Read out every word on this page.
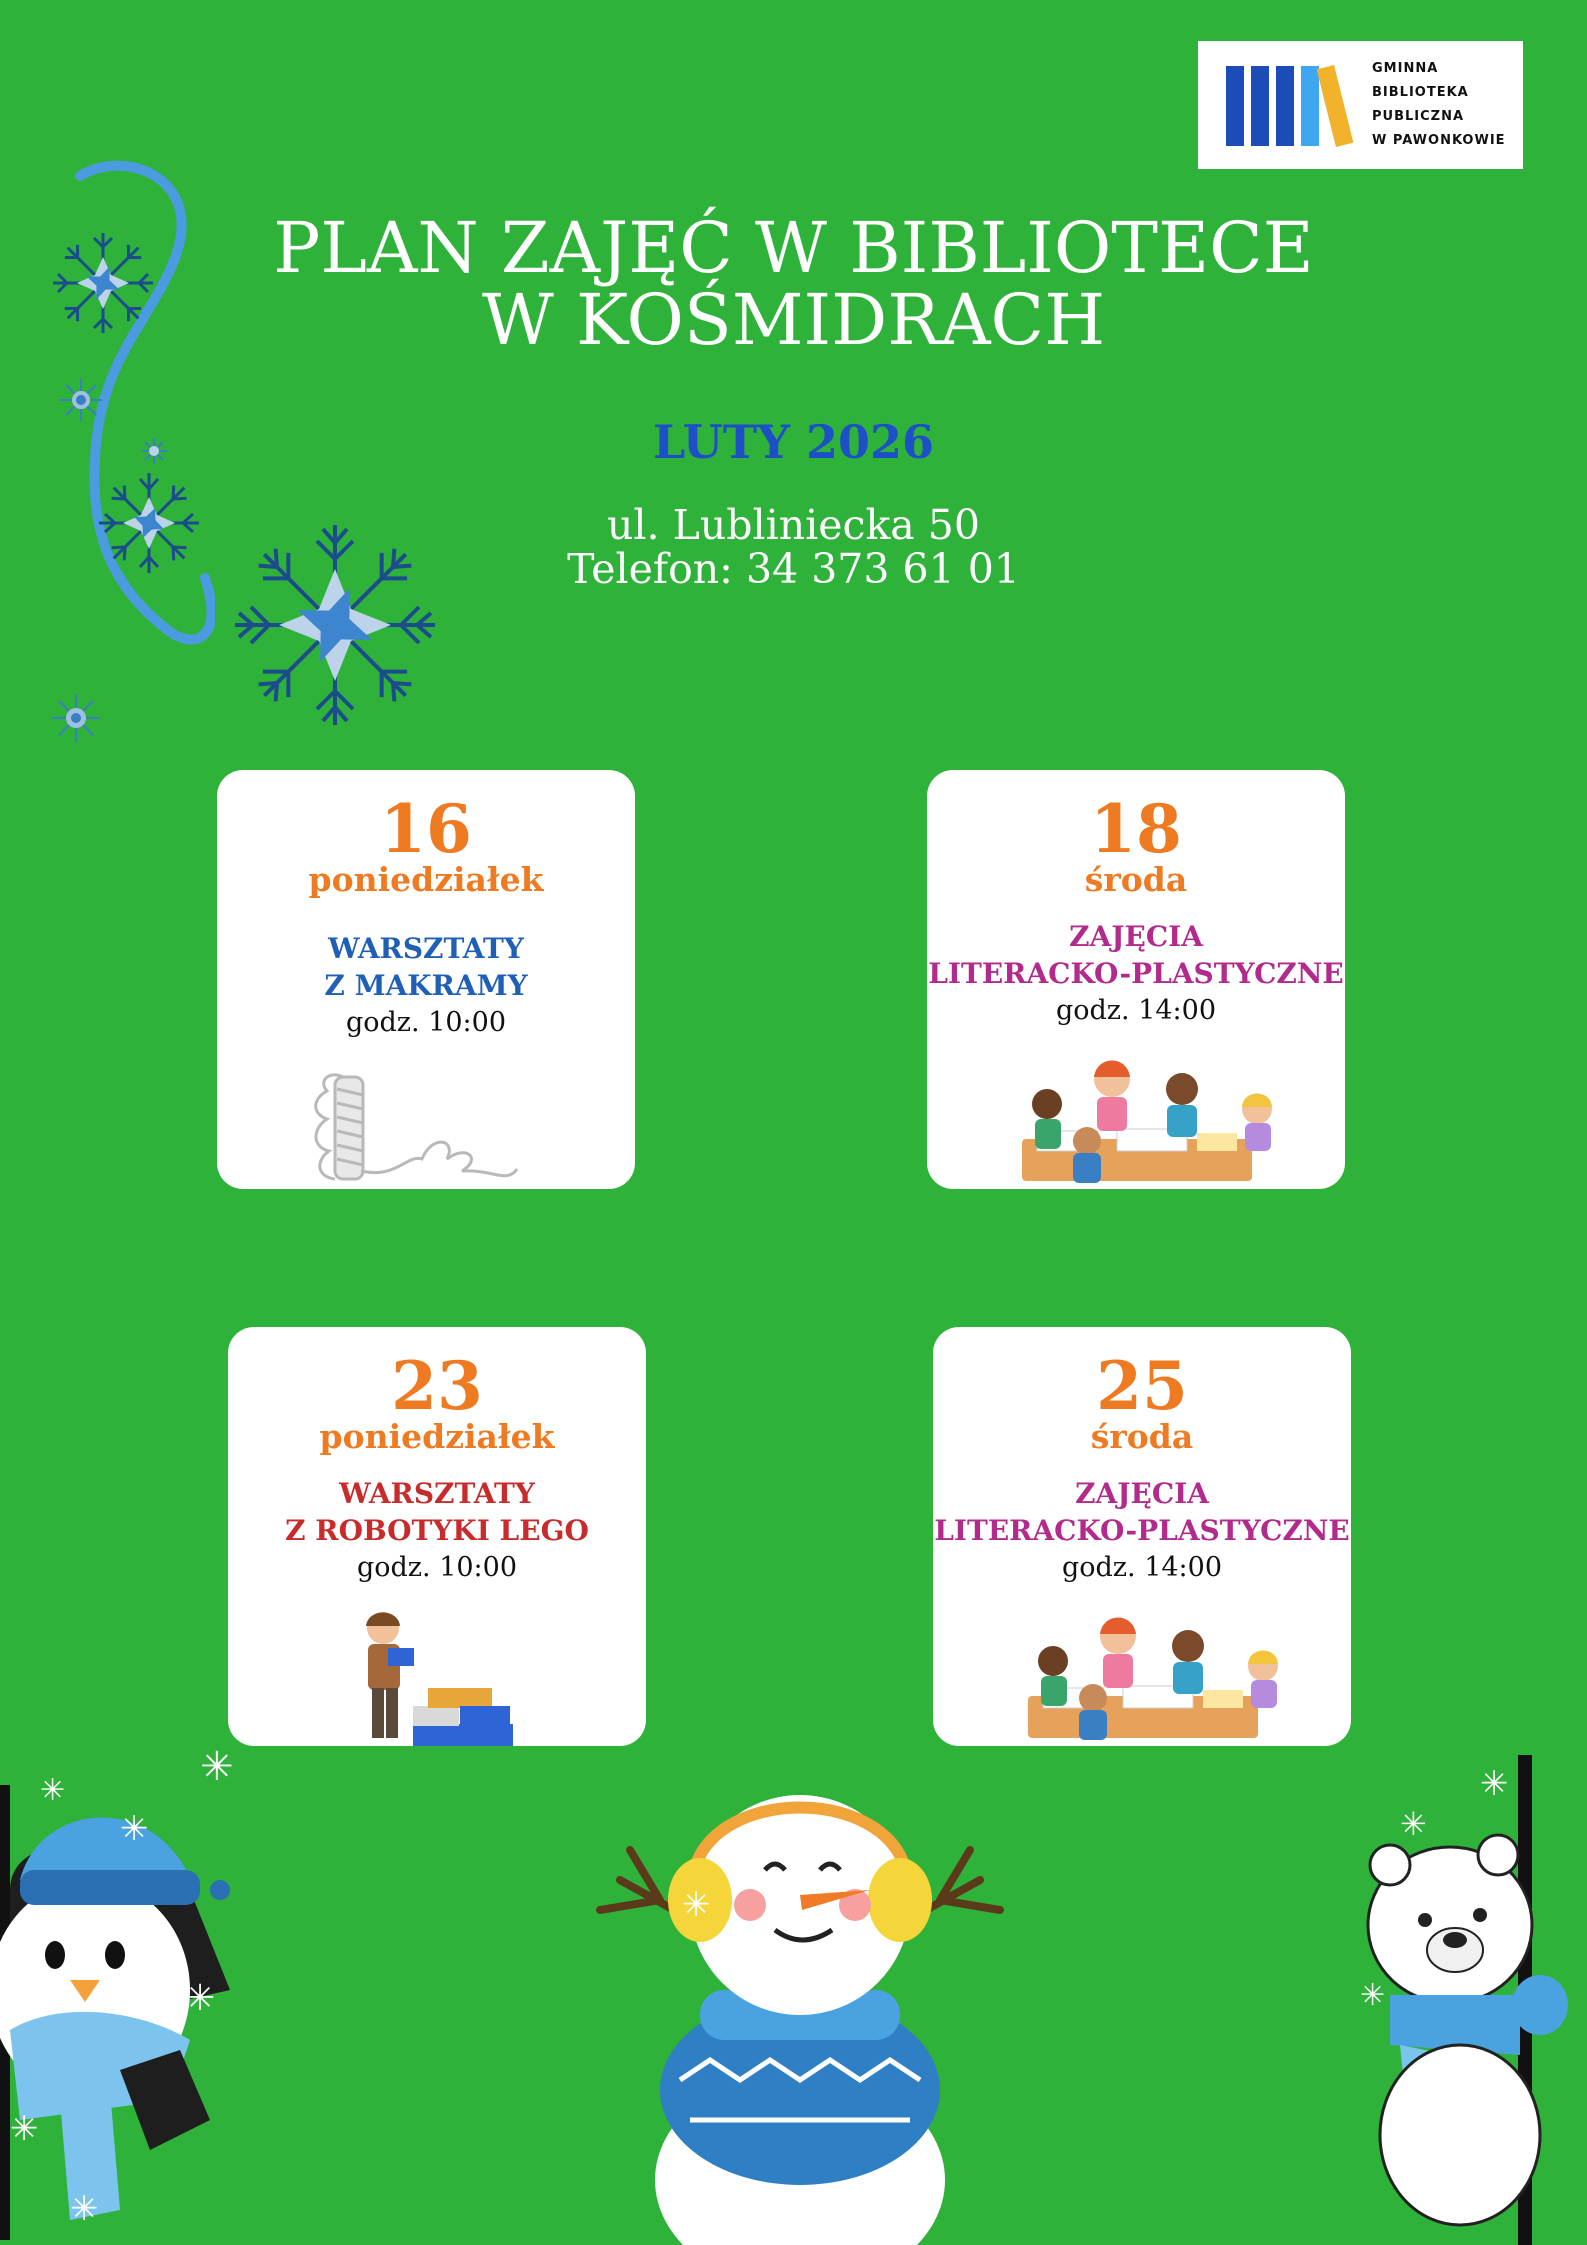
GMINNA
BIBLIOTEKA
PUBLICZNA
W PAWONKOWIE
PLAN ZAJĘĆ W BIBLIOTECE
W KOŚMIDRACH
LUTY 2026
ul. Lubliniecka 50
Telefon: 34 373 61 01
16
poniedziałek
WARSZTATY
Z MAKRAMY
godz. 10:00
18
środa
ZAJĘCIA
LITERACKO-PLASTYCZNE
godz. 14:00
23
poniedziałek
WARSZTATY
Z ROBOTYKI LEGO
godz. 10:00
25
środa
ZAJĘCIA
LITERACKO-PLASTYCZNE
godz. 14:00
✳
✳
✳
✳
✳
✳
✳
✳
✳
✳
✳
✳
